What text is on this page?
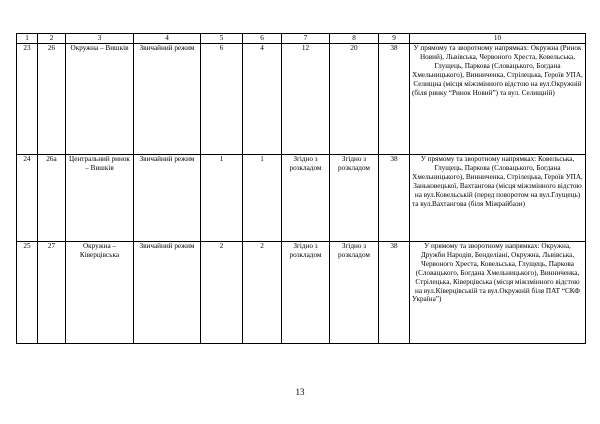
1	2	3	4	5	6	7	8	9	10
23	26	Окружна – Вишків	Звичайний режим	6	4	12	20	38	У прямому та зворотному напрямках: Окружна (Ринок Новий), Львівська, Червоного Хреста, Ковельська, Глущець, Паркова (Словацького, Богдана Хмельницького), Винниченка, Стрілецька, Героїв УПА, Селищна (місця міжзмінного відстою на вул.Окружній (біля ринку “Ринок Новий”) та вул. Селищній)
24	26а	Центральний ринок – Вишків	Звичайний режим	1	1	Згідно з розкладом	Згідно з розкладом	38	У прямому та зворотному напрямках: Ковельська, Глущець, Паркова (Словацького, Богдана Хмельницького), Винниченка, Стрілецька, Героїв УПА, Заньковецької, Вахтангова (місця міжзмінного відстою на вул.Ковельській (перед поворотом на вул.Глущець) та вул.Вахтангова (біля Міжрайбази)
25	27	Окружна – Ківерцівська	Звичайний режим	2	2	Згідно з розкладом	Згідно з розкладом	38	У прямому та зворотному напрямках: Окружна, Дружби Народів, Бенделіані, Окружна, Львівська, Червоного Хреста, Ковельська, Глущець, Паркова (Словацького, Богдана Хмельницького), Винниченка, Стрілецька, Ківерцівська (місця міжзмінного відстою на вул.Ківерцівській та вул.Окружній біля ПАТ “СКФ Україна”)
13
